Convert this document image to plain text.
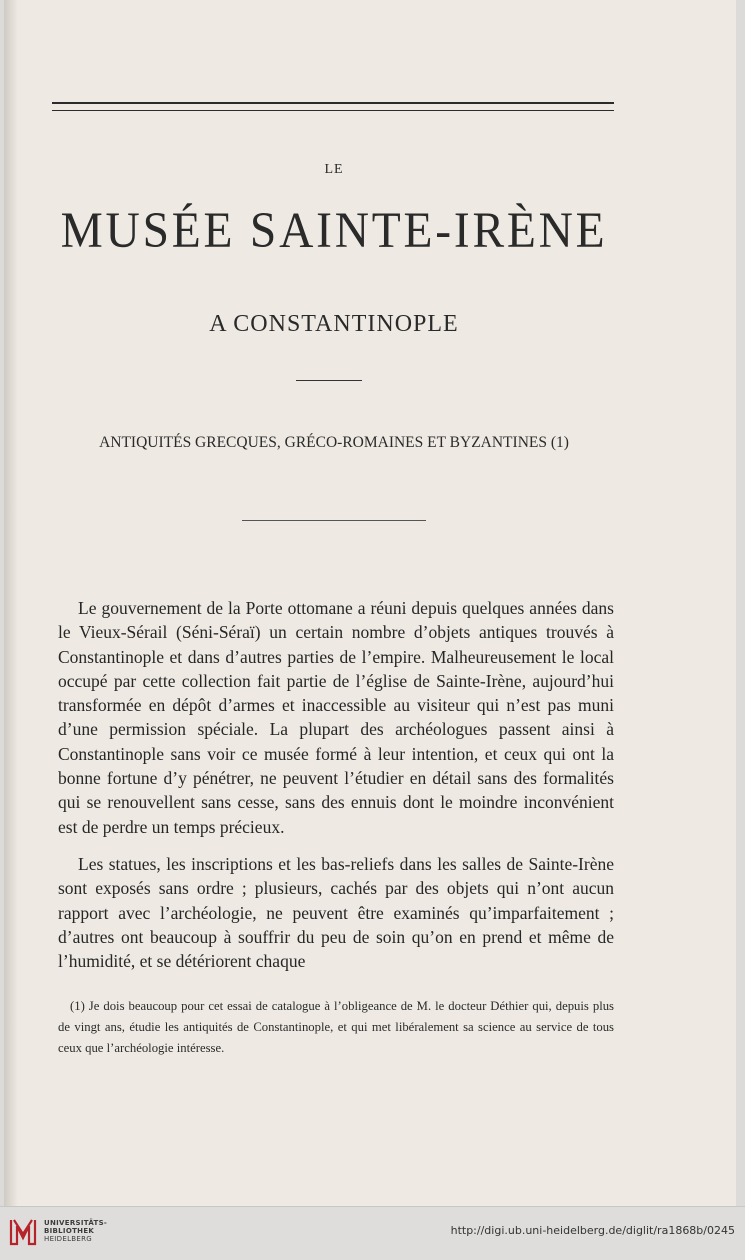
LE
MUSÉE SAINTE-IRÈNE
A CONSTANTINOPLE
ANTIQUITÉS GRECQUES, GRÉCO-ROMAINES ET BYZANTINES (1)
Le gouvernement de la Porte ottomane a réuni depuis quelques années dans le Vieux-Sérail (Séni-Séraï) un certain nombre d’objets antiques trouvés à Constantinople et dans d’autres parties de l’empire. Malheureusement le local occupé par cette collection fait partie de l’église de Sainte-Irène, aujourd’hui transformée en dépôt d’armes et inaccessible au visiteur qui n’est pas muni d’une permission spéciale. La plupart des archéologues passent ainsi à Constantinople sans voir ce musée formé à leur intention, et ceux qui ont la bonne fortune d’y pénétrer, ne peuvent l’étudier en détail sans des formalités qui se renouvellent sans cesse, sans des ennuis dont le moindre inconvénient est de perdre un temps précieux.
Les statues, les inscriptions et les bas-reliefs dans les salles de Sainte-Irène sont exposés sans ordre ; plusieurs, cachés par des objets qui n’ont aucun rapport avec l’archéologie, ne peuvent être examinés qu’imparfaitement ; d’autres ont beaucoup à souffrir du peu de soin qu’on en prend et même de l’humidité, et se détériorent chaque
(1) Je dois beaucoup pour cet essai de catalogue à l’obligeance de M. le docteur Déthier qui, depuis plus de vingt ans, étudie les antiquités de Constantinople, et qui met libéralement sa science au service de tous ceux que l’archéologie intéresse.
UNIVERSITÄTS-
BIBLIOTHEK
HEIDELBERG
http://digi.ub.uni-heidelberg.de/diglit/ra1868b/0245
